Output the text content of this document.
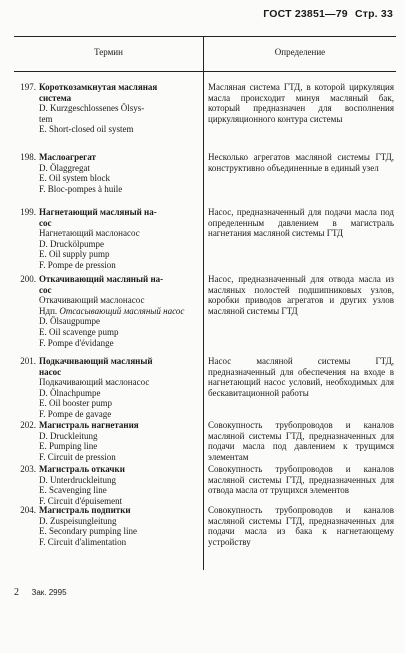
ГОСТ 23851—79 Стр. 33
Термин	Определение
197. Короткозамкнутая масляная
система
D. Kurzgeschlossenes Ölsys-
tem
E. Short-closed oil system
Масляная система ГТД, в которой циркуляция масла происходит минуя масляный бак, который предназначен для восполнения циркуляционного контура системы
198. Маслоагрегат
D. Ölaggregat
E. Oil system block
F. Bloc-pompes à huile
Несколько агрегатов масляной системы ГТД, конструктивно объединенные в единый узел
199. Нагнетающий масляный на-
сос
Нагнетающий маслонасос
D. Druckölpumpe
E. Oil supply pump
F. Pompe de pression
Насос, предназначенный для подачи масла под определенным давлением в магистраль нагнетания масляной системы ГТД
200. Откачивающий масляный на-
сос
Откачивающий маслонасос
Ндп. Отсасывающий масляный насос
D. Ölsaugpumpe
E. Oil scavenge pump
F. Pompe d'évidange
Насос, предназначенный для отвода масла из масляных полостей подшипниковых узлов, коробки приводов агрегатов и других узлов масляной системы ГТД
201. Подкачивающий масляный
насос
Подкачивающий маслонасос
D. Ölnachpumpe
E. Oil booster pump
F. Pompe de gavage
Насос масляной системы ГТД, предназначенный для обеспечения на входе в нагнетающий насос условий, необходимых для бескавитационной работы
202. Магистраль нагнетания
D. Druckleitung
E. Pumping line
F. Circuit de pression
Совокупность трубопроводов и каналов масляной системы ГТД, предназначенных для подачи масла под давлением к трущимся элементам
203. Магистраль откачки
D. Unterdruckleitung
E. Scavenging line
F. Circuit d'épuisement
Совокупность трубопроводов и каналов масляной системы ГТД, предназначенных для отвода масла от трущихся элементов
204. Магистраль подпитки
D. Zuspeisungleitung
E. Secondary pumping line
F. Circuit d'alimentation
Совокупность трубопроводов и каналов масляной системы ГТД, предназначенных для подачи масла из бака к нагнетающему устройству
2 Зак. 2995
